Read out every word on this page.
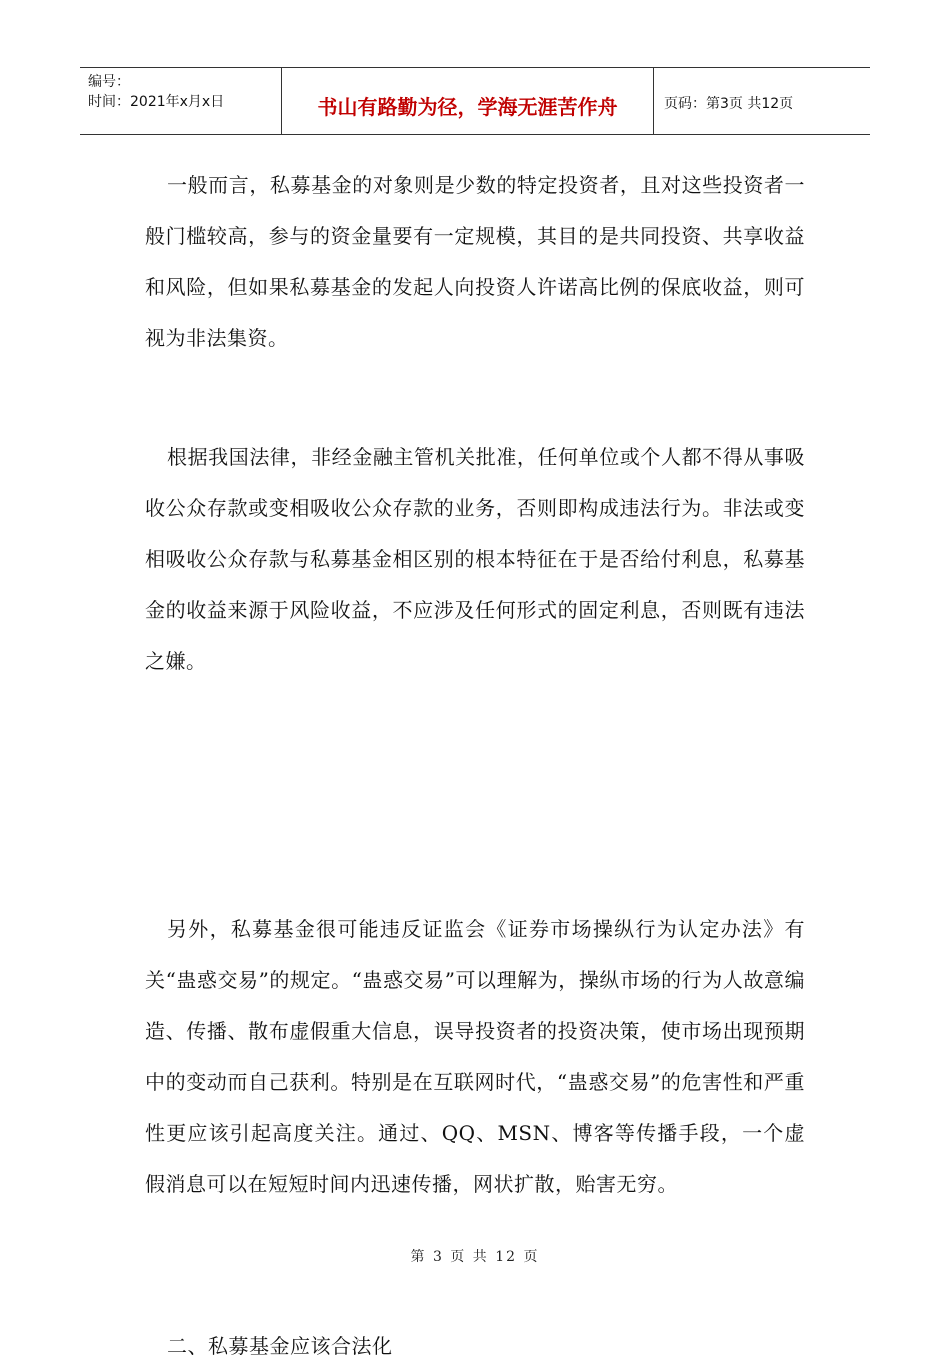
编号：
时间：2021年x月x日	书山有路勤为径，学海无涯苦作舟	页码：第3页 共12页

一般而言，私募基金的对象则是少数的特定投资者，且对这些投资者一般门槛较高，参与的资金量要有一定规模，其目的是共同投资、共享收益和风险，但如果私募基金的发起人向投资人许诺高比例的保底收益，则可视为非法集资。

根据我国法律，非经金融主管机关批准，任何单位或个人都不得从事吸收公众存款或变相吸收公众存款的业务，否则即构成违法行为。非法或变相吸收公众存款与私募基金相区别的根本特征在于是否给付利息，私募基金的收益来源于风险收益，不应涉及任何形式的固定利息，否则既有违法之嫌。

另外，私募基金很可能违反证监会《证券市场操纵行为认定办法》有关“蛊惑交易”的规定。“蛊惑交易”可以理解为，操纵市场的行为人故意编造、传播、散布虚假重大信息，误导投资者的投资决策，使市场出现预期中的变动而自己获利。特别是在互联网时代，“蛊惑交易”的危害性和严重性更应该引起高度关注。通过、QQ、MSN、博客等传播手段，一个虚假消息可以在短短时间内迅速传播，网状扩散，贻害无穷。

二、私募基金应该合法化

第 3 页 共 12 页
